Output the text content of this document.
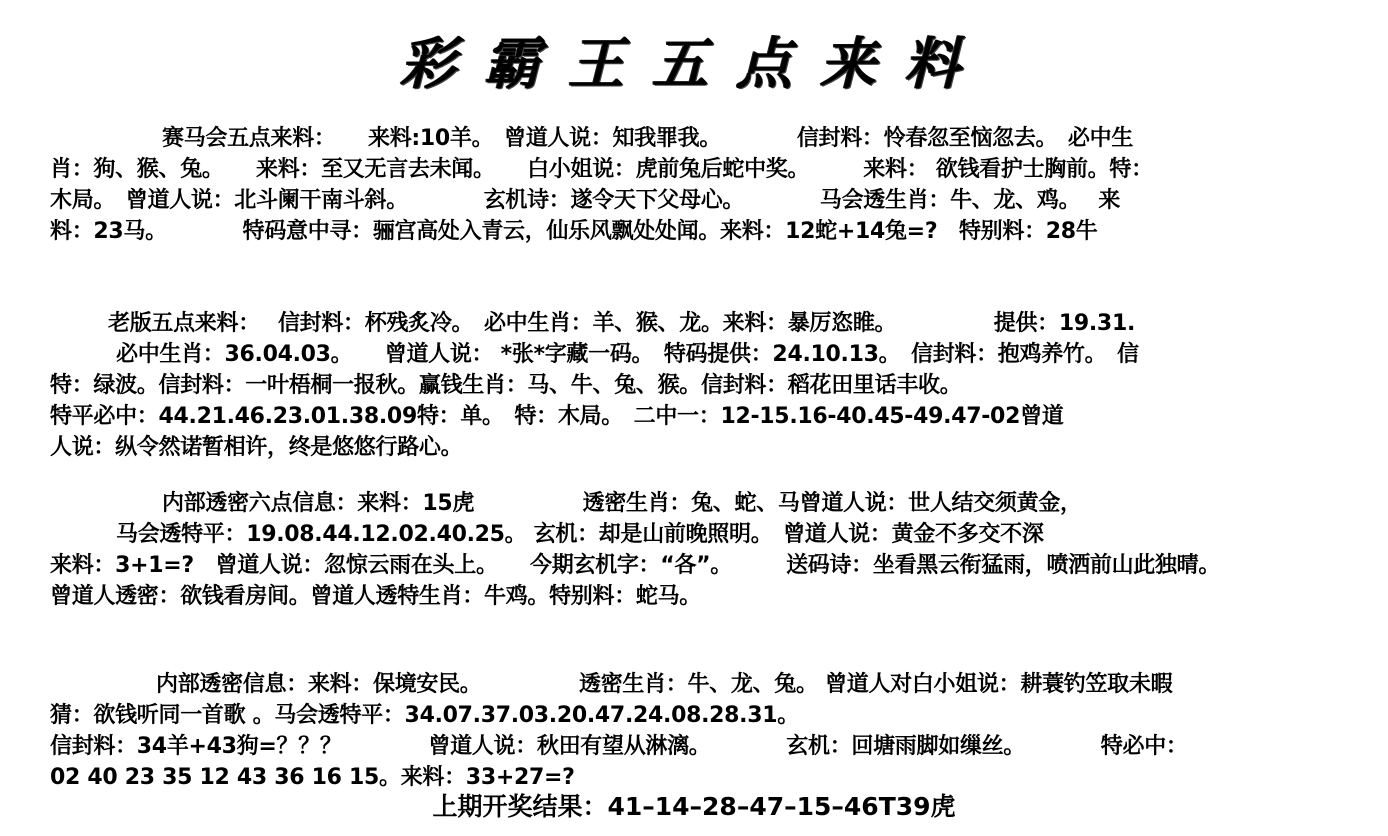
彩霸王五点来料
赛马会五点来料：　　来料:10羊。　曾道人说：知我罪我。　　　　信封料：怜春忽至恼忽去。　必中生
肖：狗、猴、兔。　　来料：至又无言去未闻。　　白小姐说：虎前兔后蛇中奖。　　　来料： 欲钱看护士胸前。特：
木局。　曾道人说：北斗阑干南斗斜。　　　　玄机诗：遂令天下父母心。　　　　马会透生肖：牛、龙、鸡。　 来
料：23马。　　　　特码意中寻：骊宫高处入青云，仙乐风飘处处闻。来料：12蛇+14兔=?　特别料：28牛
老版五点来料：　 信封料：杯残炙冷。　必中生肖：羊、猴、龙。来料：暴厉恣睢。　　　　　提供：19.31.
必中生肖：36.04.03。　　曾道人说： *张*字藏一码。　特码提供：24.10.13。　信封料：抱鸡养竹。　信
特：绿波。信封料：一叶梧桐一报秋。赢钱生肖：马、牛、兔、猴。信封料：稻花田里话丰收。
特平必中：44.21.46.23.01.38.09特：单。　特：木局。　二中一：12-15.16-40.45-49.47-02曾道
人说：纵令然诺暂相许，终是悠悠行路心。
内部透密六点信息：来料：15虎　　　　　透密生肖：兔、蛇、马曾道人说：世人结交须黄金，
马会透特平：19.08.44.12.02.40.25。 玄机：却是山前晚照明。　曾道人说：黄金不多交不深
来料：3+1=?　曾道人说：忽惊云雨在头上。　　今期玄机字：“各”。　　　送码诗：坐看黑云衔猛雨，喷洒前山此独晴。
曾道人透密：欲钱看房间。曾道人透特生肖：牛鸡。特别料：蛇马。
内部透密信息：来料：保境安民。　　　　　透密生肖：牛、龙、兔。 曾道人对白小姐说：耕蓑钓笠取未暇
猜：欲钱听同一首歌 。马会透特平：34.07.37.03.20.47.24.08.28.31。
信封料：34羊+43狗=？？？　　　　曾道人说：秋田有望从淋漓。　　　　玄机：回塘雨脚如缫丝。　　　　特必中：
02 40 23 35 12 43 36 16 15。来料：33+27=?
上期开奖结果：41–14–28–47–15–46T39虎
